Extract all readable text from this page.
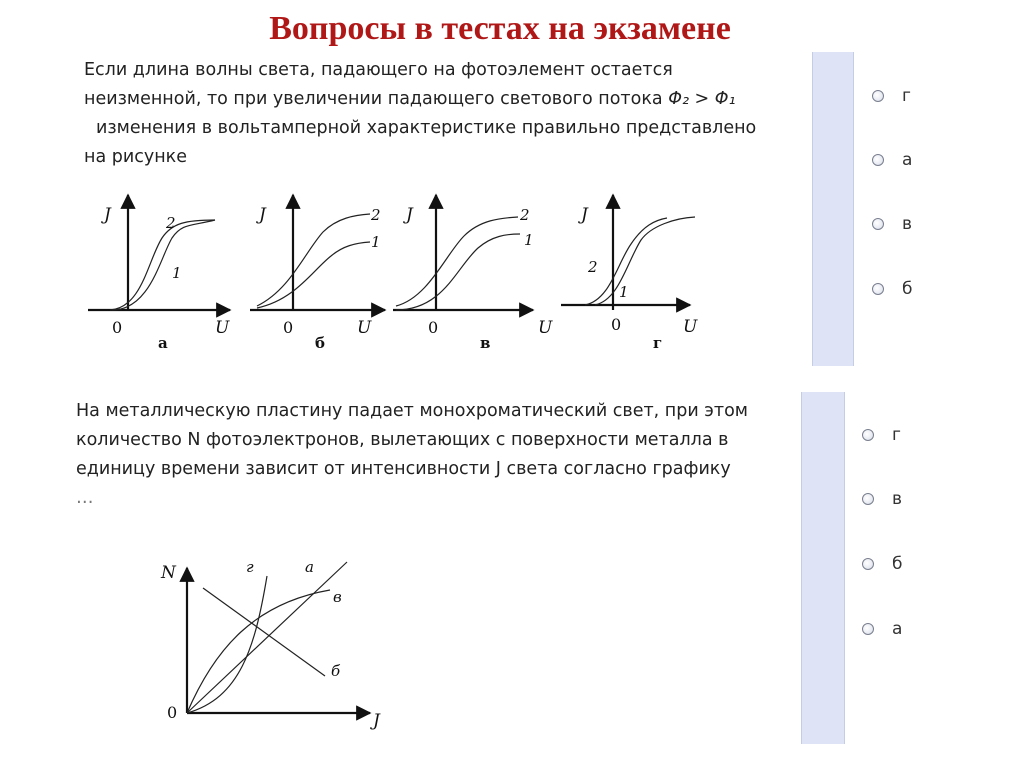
Вопросы в тестах на экзамене
Если длина волны света, падающего на фотоэлемент остается
неизменной, то при увеличении падающего светового потока Φ₂ > Φ₁
изменения в вольтамперной характеристике правильно представлено
на рисунке
J
U
0
2
1
а
J
U
0
2
1
б
J
U
0
2
1
в
J
U
0
2
1
г
г
а
в
б
На металлическую пластину падает монохроматический свет, при этом
количество N фотоэлектронов, вылетающих с поверхности металла в
единицу времени зависит от интенсивности J света согласно графику
…
N
J
0
г	а
в
б
г
в
б
а
